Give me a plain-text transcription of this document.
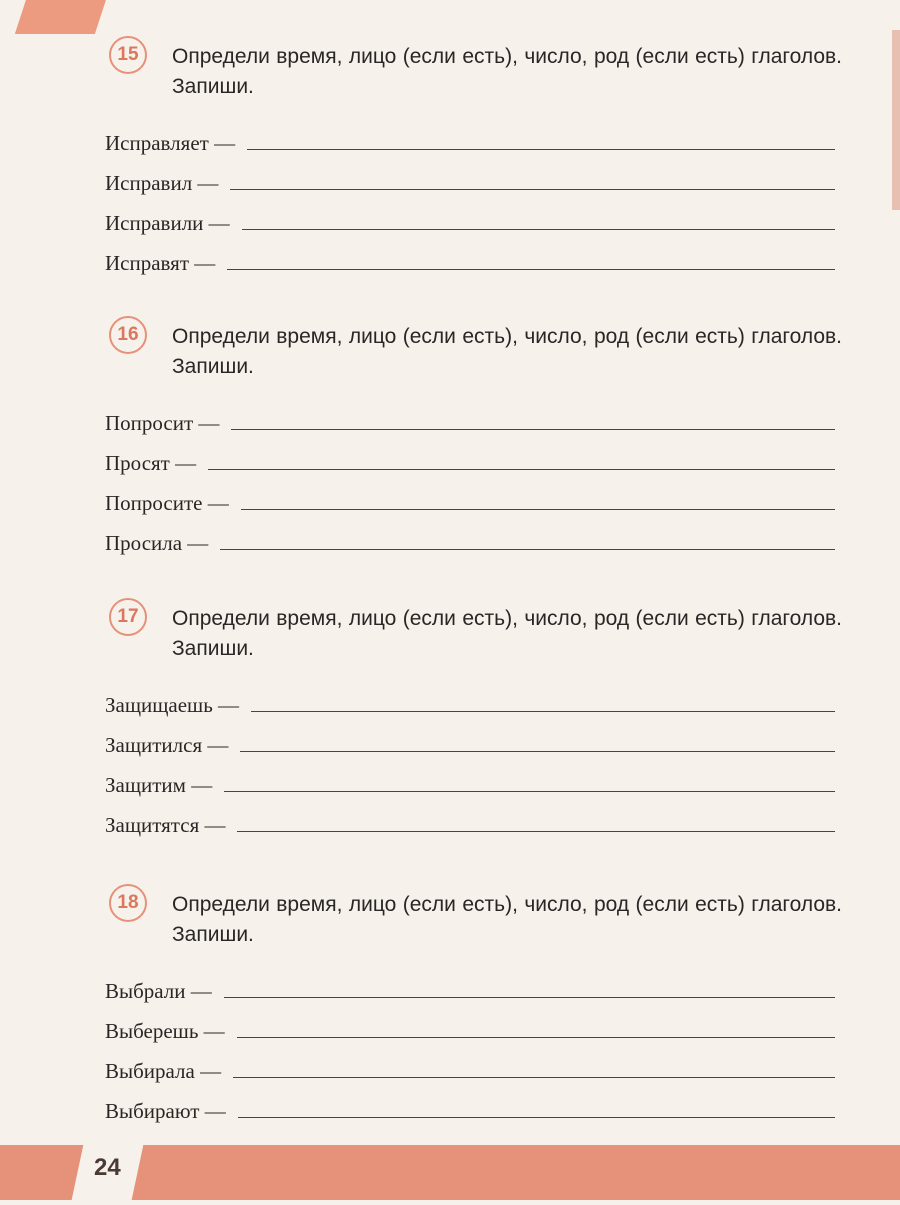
15	Определи время, лицо (если есть), число, род (если есть) глаголов. Запиши.
Исправляет —
Исправил —
Исправили —
Исправят —
16	Определи время, лицо (если есть), число, род (если есть) глаголов. Запиши.
Попросит —
Просят —
Попросите —
Просила —
17	Определи время, лицо (если есть), число, род (если есть) глаголов. Запиши.
Защищаешь —
Защитился —
Защитим —
Защитятся —
18	Определи время, лицо (если есть), число, род (если есть) глаголов. Запиши.
Выбрали —
Выберешь —
Выбирала —
Выбирают —
24
